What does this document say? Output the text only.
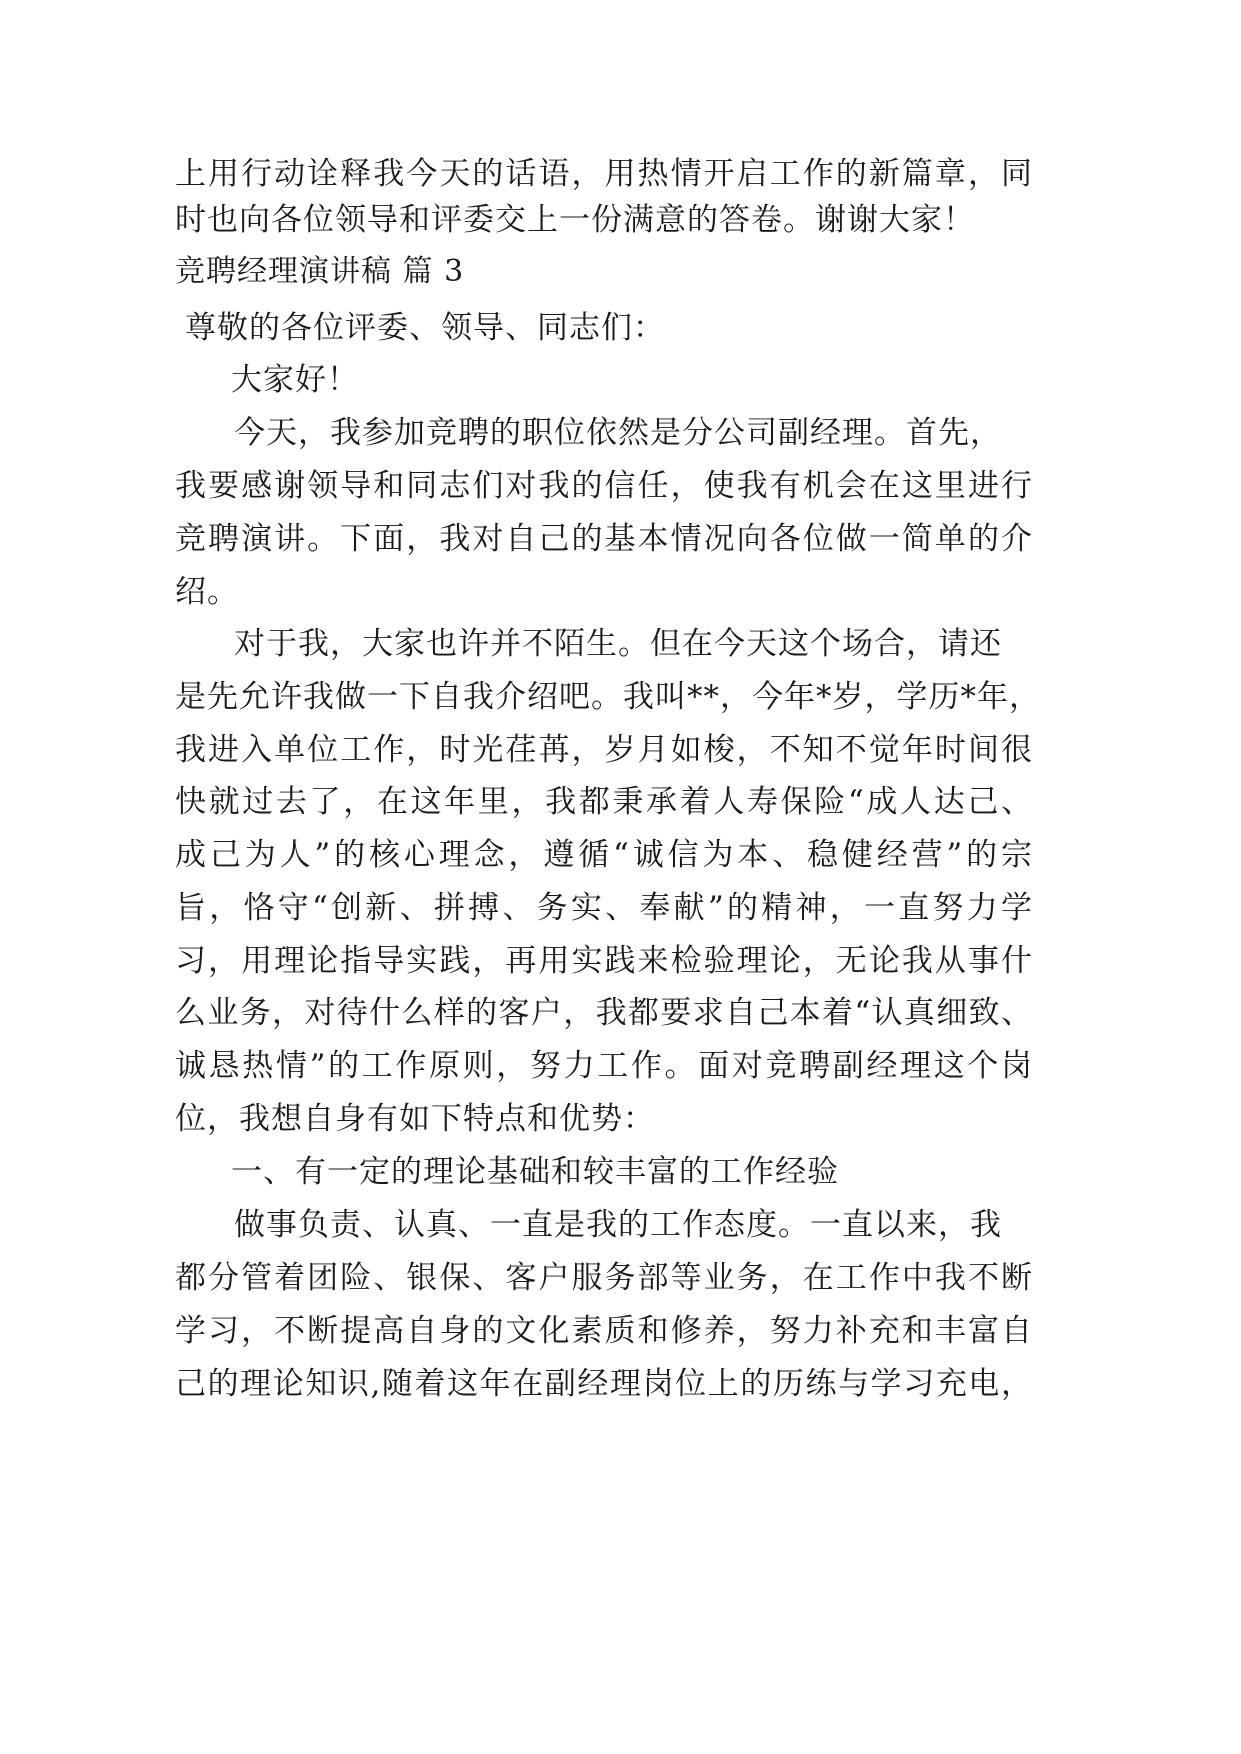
上用行动诠释我今天的话语，用热情开启工作的新篇章，同

时也向各位领导和评委交上一份满意的答卷。谢谢大家！

竞聘经理演讲稿 篇 3

尊敬的各位评委、领导、同志们：

大家好！

今天，我参加竞聘的职位依然是分公司副经理。首先，

我要感谢领导和同志们对我的信任，使我有机会在这里进行

竞聘演讲。下面，我对自己的基本情况向各位做一简单的介

绍。

对于我，大家也许并不陌生。但在今天这个场合，请还

是先允许我做一下自我介绍吧。我叫**，今年*岁，学历*年，

我进入单位工作，时光荏苒，岁月如梭，不知不觉年时间很

快就过去了，在这年里，我都秉承着人寿保险“成人达己、

成己为人”的核心理念，遵循“诚信为本、稳健经营”的宗

旨，恪守“创新、拼搏、务实、奉献”的精神，一直努力学

习，用理论指导实践，再用实践来检验理论，无论我从事什

么业务，对待什么样的客户，我都要求自己本着“认真细致、

诚恳热情”的工作原则，努力工作。面对竞聘副经理这个岗

位，我想自身有如下特点和优势：

一、有一定的理论基础和较丰富的工作经验

做事负责、认真、一直是我的工作态度。一直以来，我

都分管着团险、银保、客户服务部等业务，在工作中我不断

学习，不断提高自身的文化素质和修养，努力补充和丰富自

己的理论知识,随着这年在副经理岗位上的历练与学习充电，
